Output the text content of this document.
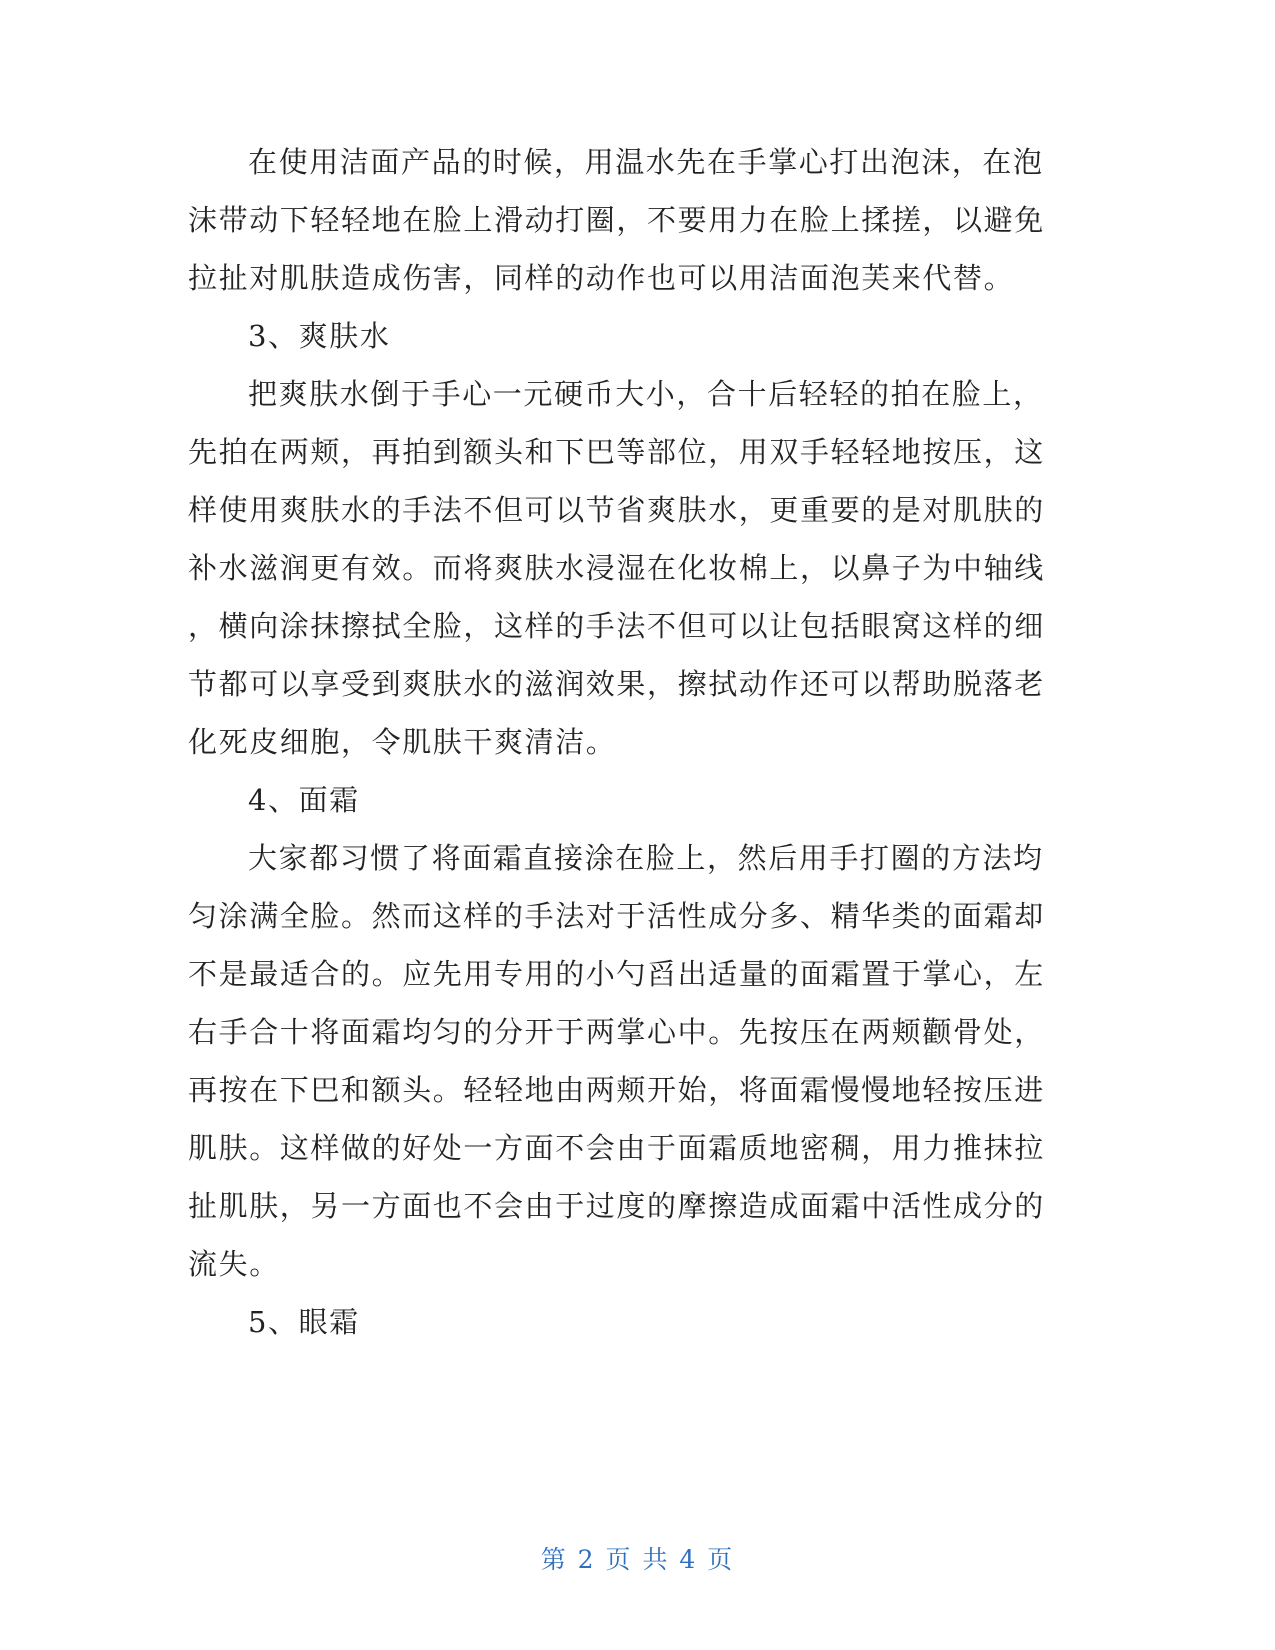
在使用洁面产品的时候，用温水先在手掌心打出泡沫，在泡
沫带动下轻轻地在脸上滑动打圈，不要用力在脸上揉搓，以避免
拉扯对肌肤造成伤害，同样的动作也可以用洁面泡芙来代替。
3、爽肤水
把爽肤水倒于手心一元硬币大小，合十后轻轻的拍在脸上，
先拍在两颊，再拍到额头和下巴等部位，用双手轻轻地按压，这
样使用爽肤水的手法不但可以节省爽肤水，更重要的是对肌肤的
补水滋润更有效。而将爽肤水浸湿在化妆棉上，以鼻子为中轴线
，横向涂抹擦拭全脸，这样的手法不但可以让包括眼窝这样的细
节都可以享受到爽肤水的滋润效果，擦拭动作还可以帮助脱落老
化死皮细胞，令肌肤干爽清洁。
4、面霜
大家都习惯了将面霜直接涂在脸上，然后用手打圈的方法均
匀涂满全脸。然而这样的手法对于活性成分多、精华类的面霜却
不是最适合的。应先用专用的小勺舀出适量的面霜置于掌心，左
右手合十将面霜均匀的分开于两掌心中。先按压在两颊颧骨处，
再按在下巴和额头。轻轻地由两颊开始，将面霜慢慢地轻按压进
肌肤。这样做的好处一方面不会由于面霜质地密稠，用力推抹拉
扯肌肤，另一方面也不会由于过度的摩擦造成面霜中活性成分的
流失。
5、眼霜
第 2 页 共 4 页
